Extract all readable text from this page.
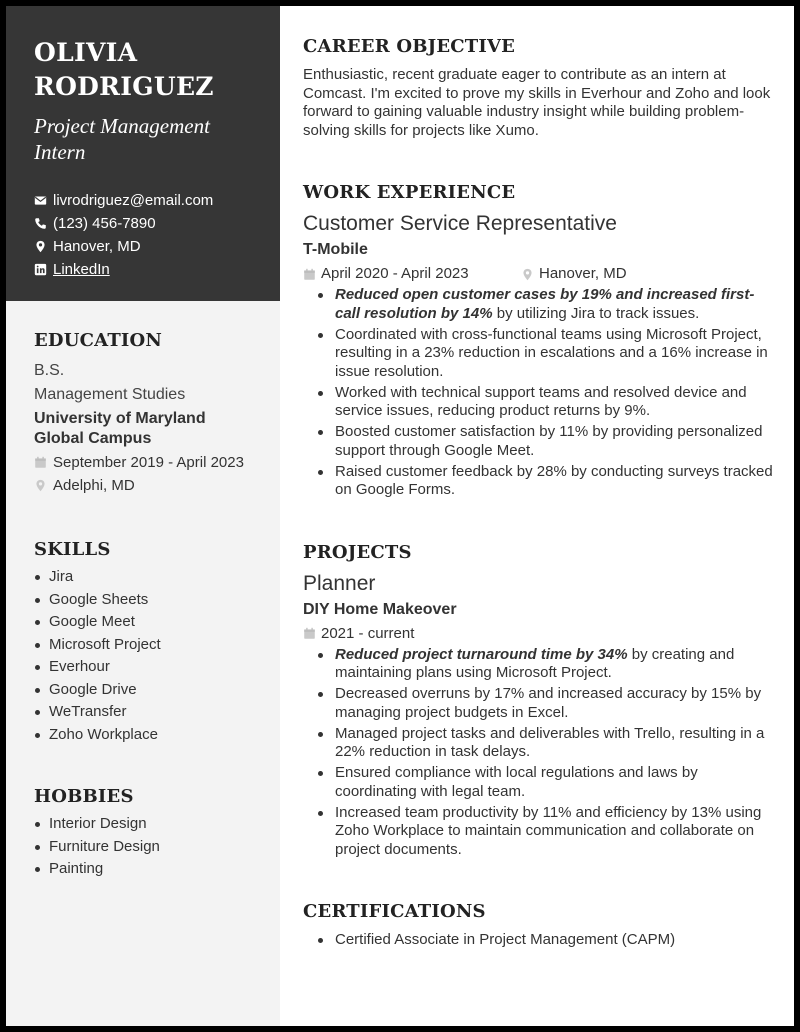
OLIVIA
RODRIGUEZ
Project Management
Intern
livrodriguez@email.com
(123) 456-7890
Hanover, MD
LinkedIn
EDUCATION
B.S.
Management Studies
University of Maryland
Global Campus
September 2019 - April 2023
Adelphi, MD
SKILLS
Jira
Google Sheets
Google Meet
Microsoft Project
Everhour
Google Drive
WeTransfer
Zoho Workplace
HOBBIES
Interior Design
Furniture Design
Painting
CAREER OBJECTIVE
Enthusiastic, recent graduate eager to contribute as an intern at Comcast. I'm excited to prove my skills in Everhour and Zoho and look forward to gaining valuable industry insight while building problem-solving skills for projects like Xumo.
WORK EXPERIENCE
Customer Service Representative
T-Mobile
April 2020 - April 2023	Hanover, MD
Reduced open customer cases by 19% and increased first-call resolution by 14% by utilizing Jira to track issues.
Coordinated with cross-functional teams using Microsoft Project, resulting in a 23% reduction in escalations and a 16% increase in issue resolution.
Worked with technical support teams and resolved device and service issues, reducing product returns by 9%.
Boosted customer satisfaction by 11% by providing personalized support through Google Meet.
Raised customer feedback by 28% by conducting surveys tracked on Google Forms.
PROJECTS
Planner
DIY Home Makeover
2021 - current
Reduced project turnaround time by 34% by creating and maintaining plans using Microsoft Project.
Decreased overruns by 17% and increased accuracy by 15% by managing project budgets in Excel.
Managed project tasks and deliverables with Trello, resulting in a 22% reduction in task delays.
Ensured compliance with local regulations and laws by coordinating with legal team.
Increased team productivity by 11% and efficiency by 13% using Zoho Workplace to maintain communication and collaborate on project documents.
CERTIFICATIONS
Certified Associate in Project Management (CAPM)
